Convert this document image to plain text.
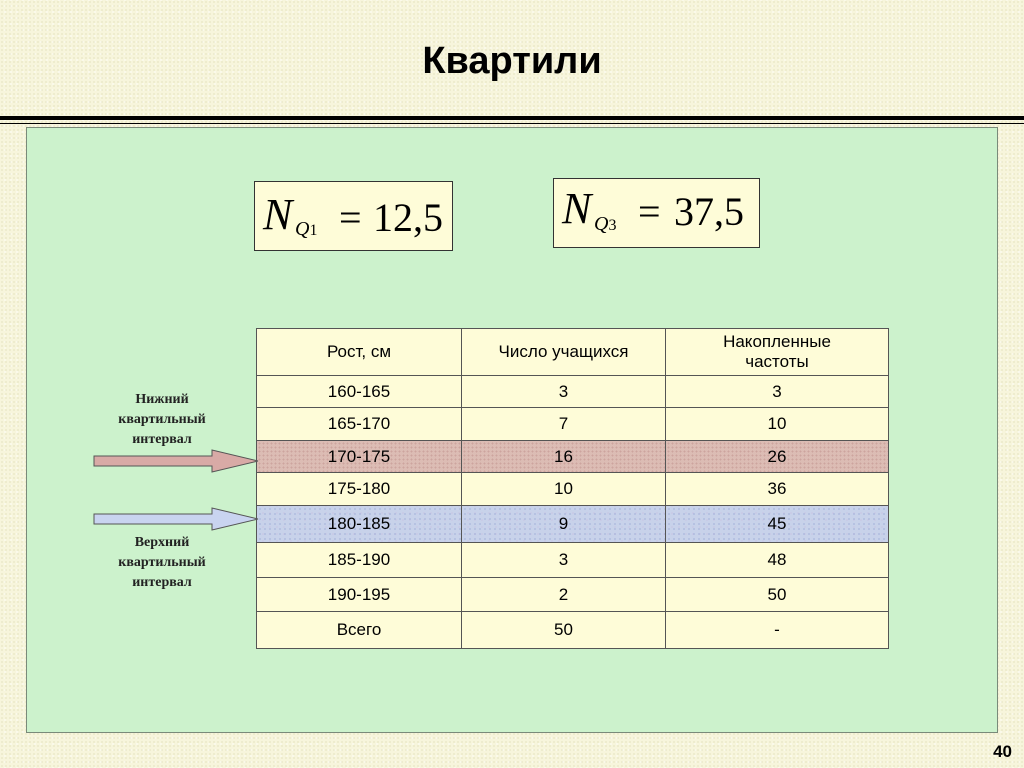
Квартили
N Q1 = 12,5	N Q3 = 37,5
Рост, см	Число учащихся	Накопленные частоты
160-165	3	3
165-170	7	10
170-175	16	26
175-180	10	36
180-185	9	45
185-190	3	48
190-195	2	50
Всего	50	-
Нижний
квартильный
интервал
Верхний
квартильный
интервал
40
